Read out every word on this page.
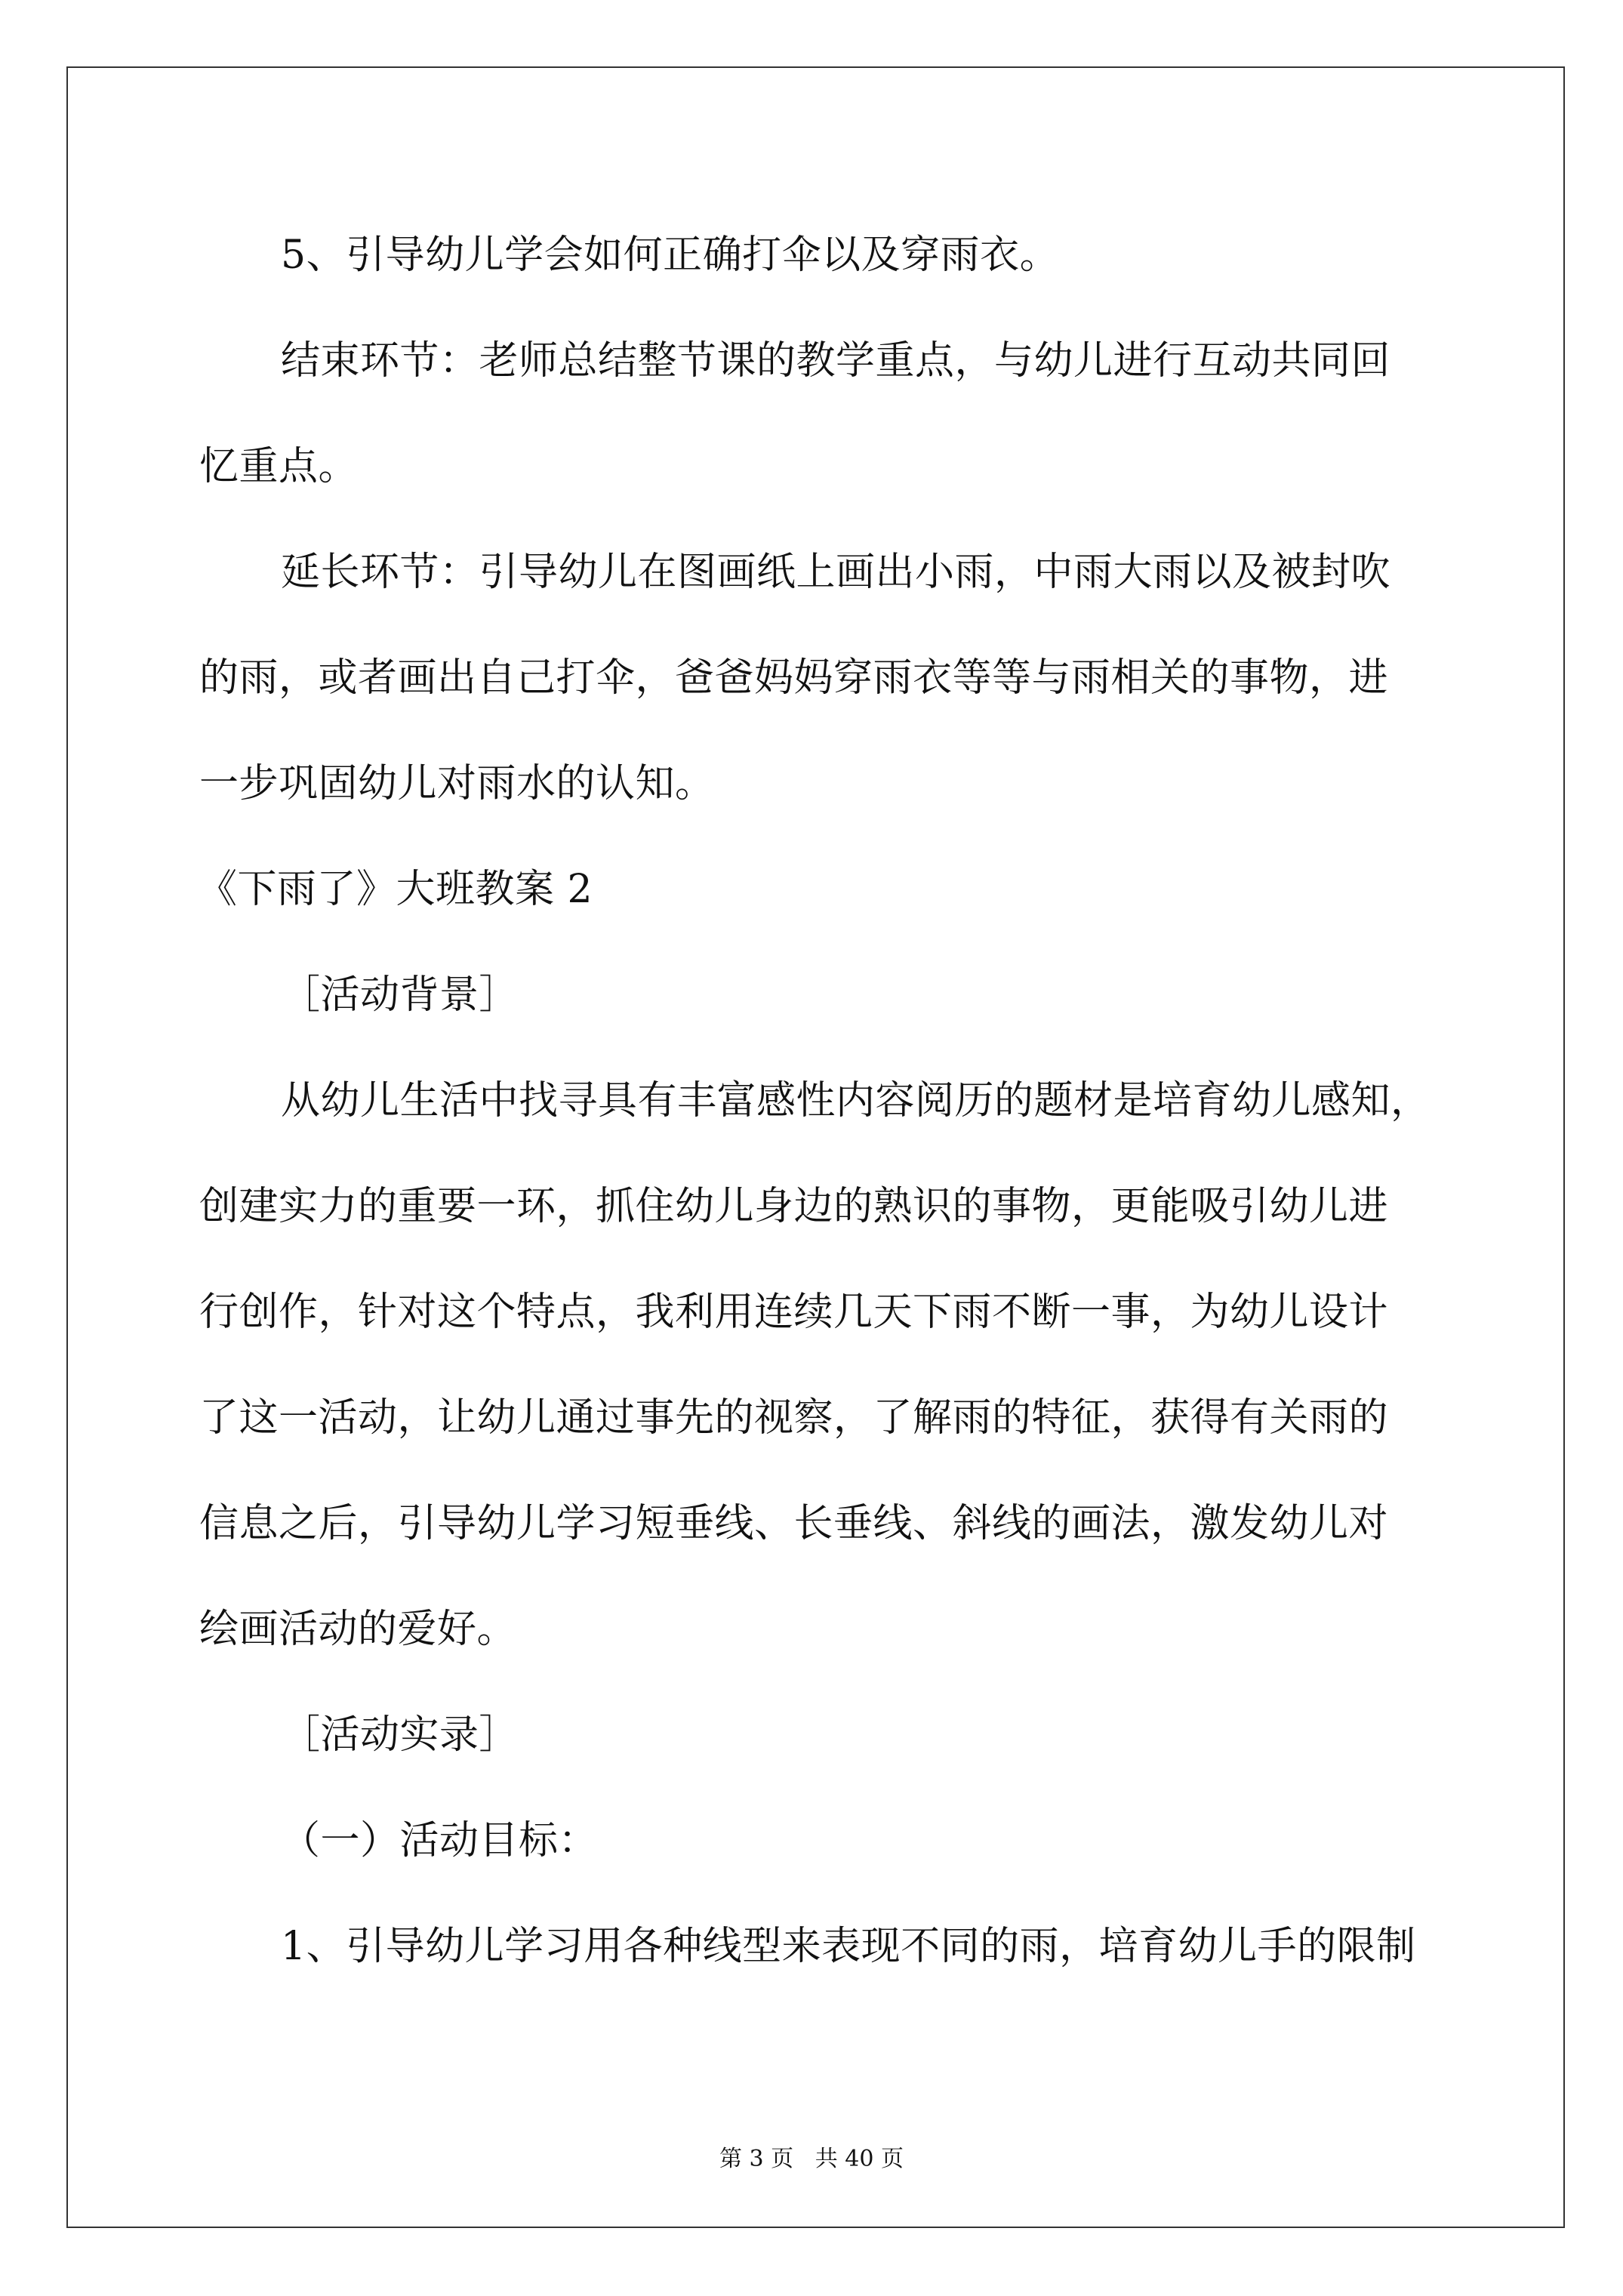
5、引导幼儿学会如何正确打伞以及穿雨衣。
结束环节：老师总结整节课的教学重点，与幼儿进行互动共同回
忆重点。
延长环节：引导幼儿在图画纸上画出小雨，中雨大雨以及被封吹
的雨，或者画出自己打伞，爸爸妈妈穿雨衣等等与雨相关的事物，进
一步巩固幼儿对雨水的认知。
《下雨了》大班教案 2
［活动背景］
从幼儿生活中找寻具有丰富感性内容阅历的题材是培育幼儿感知，
创建实力的重要一环，抓住幼儿身边的熟识的事物，更能吸引幼儿进
行创作，针对这个特点，我利用连续几天下雨不断一事，为幼儿设计
了这一活动，让幼儿通过事先的视察，了解雨的特征，获得有关雨的
信息之后，引导幼儿学习短垂线、长垂线、斜线的画法，激发幼儿对
绘画活动的爱好。
［活动实录］
（一）活动目标：
1、引导幼儿学习用各种线型来表现不同的雨，培育幼儿手的限制
第 3 页   共 40 页
